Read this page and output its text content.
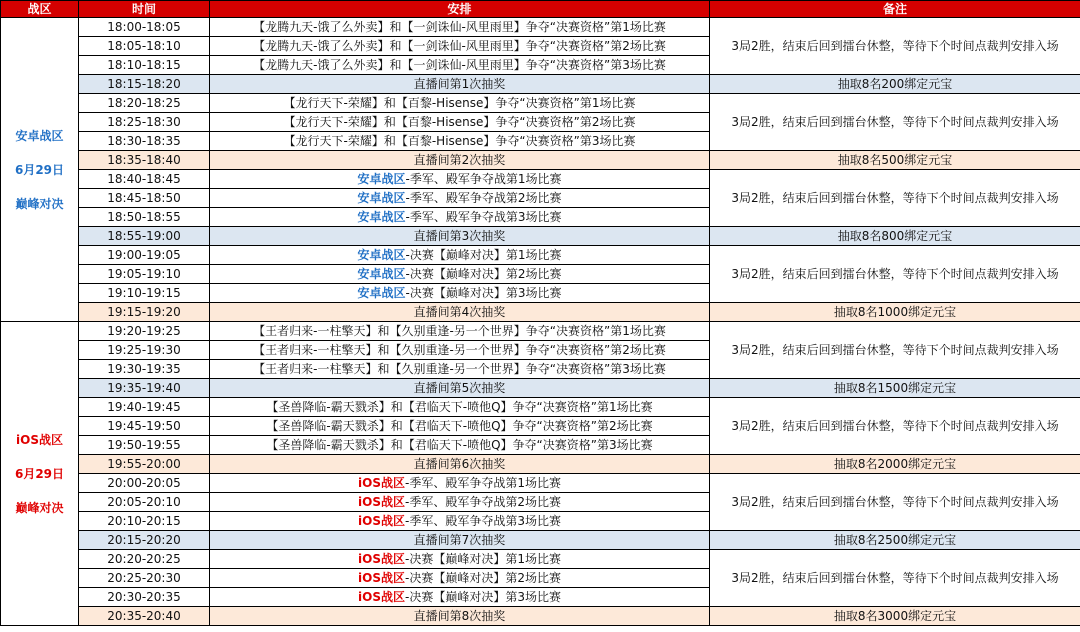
战区	时间	安排	备注

安卓战区
6月29日
巅峰对决	18:00-18:05	【龙腾九天-饿了么外卖】和【一剑诛仙-风里雨里】争夺“决赛资格”第1场比赛	3局2胜，结束后回到擂台休整，等待下个时间点裁判安排入场
	18:05-18:10	【龙腾九天-饿了么外卖】和【一剑诛仙-风里雨里】争夺“决赛资格”第2场比赛	
	18:10-18:15	【龙腾九天-饿了么外卖】和【一剑诛仙-风里雨里】争夺“决赛资格”第3场比赛	
	18:15-18:20	直播间第1次抽奖	抽取8名200绑定元宝
	18:20-18:25	【龙行天下-荣耀】和【百黎-Hisense】争夺“决赛资格”第1场比赛	3局2胜，结束后回到擂台休整，等待下个时间点裁判安排入场
	18:25-18:30	【龙行天下-荣耀】和【百黎-Hisense】争夺“决赛资格”第2场比赛	
	18:30-18:35	【龙行天下-荣耀】和【百黎-Hisense】争夺“决赛资格”第3场比赛	
	18:35-18:40	直播间第2次抽奖	抽取8名500绑定元宝
	18:40-18:45	安卓战区-季军、殿军争夺战第1场比赛	3局2胜，结束后回到擂台休整，等待下个时间点裁判安排入场
	18:45-18:50	安卓战区-季军、殿军争夺战第2场比赛	
	18:50-18:55	安卓战区-季军、殿军争夺战第3场比赛	
	18:55-19:00	直播间第3次抽奖	抽取8名800绑定元宝
	19:00-19:05	安卓战区-决赛【巅峰对决】第1场比赛	3局2胜，结束后回到擂台休整，等待下个时间点裁判安排入场
	19:05-19:10	安卓战区-决赛【巅峰对决】第2场比赛	
	19:10-19:15	安卓战区-决赛【巅峰对决】第3场比赛	
	19:15-19:20	直播间第4次抽奖	抽取8名1000绑定元宝

iOS战区
6月29日
巅峰对决	19:20-19:25	【王者归来-一柱擎天】和【久别重逢-另一个世界】争夺“决赛资格”第1场比赛	3局2胜，结束后回到擂台休整，等待下个时间点裁判安排入场
	19:25-19:30	【王者归来-一柱擎天】和【久别重逢-另一个世界】争夺“决赛资格”第2场比赛	
	19:30-19:35	【王者归来-一柱擎天】和【久别重逢-另一个世界】争夺“决赛资格”第3场比赛	
	19:35-19:40	直播间第5次抽奖	抽取8名1500绑定元宝
	19:40-19:45	【圣兽降临-霸天戮杀】和【君临天下-喷他Q】争夺“决赛资格”第1场比赛	3局2胜，结束后回到擂台休整，等待下个时间点裁判安排入场
	19:45-19:50	【圣兽降临-霸天戮杀】和【君临天下-喷他Q】争夺“决赛资格”第2场比赛	
	19:50-19:55	【圣兽降临-霸天戮杀】和【君临天下-喷他Q】争夺“决赛资格”第3场比赛	
	19:55-20:00	直播间第6次抽奖	抽取8名2000绑定元宝
	20:00-20:05	iOS战区-季军、殿军争夺战第1场比赛	3局2胜，结束后回到擂台休整，等待下个时间点裁判安排入场
	20:05-20:10	iOS战区-季军、殿军争夺战第2场比赛	
	20:10-20:15	iOS战区-季军、殿军争夺战第3场比赛	
	20:15-20:20	直播间第7次抽奖	抽取8名2500绑定元宝
	20:20-20:25	iOS战区-决赛【巅峰对决】第1场比赛	3局2胜，结束后回到擂台休整，等待下个时间点裁判安排入场
	20:25-20:30	iOS战区-决赛【巅峰对决】第2场比赛	
	20:30-20:35	iOS战区-决赛【巅峰对决】第3场比赛	
	20:35-20:40	直播间第8次抽奖	抽取8名3000绑定元宝
